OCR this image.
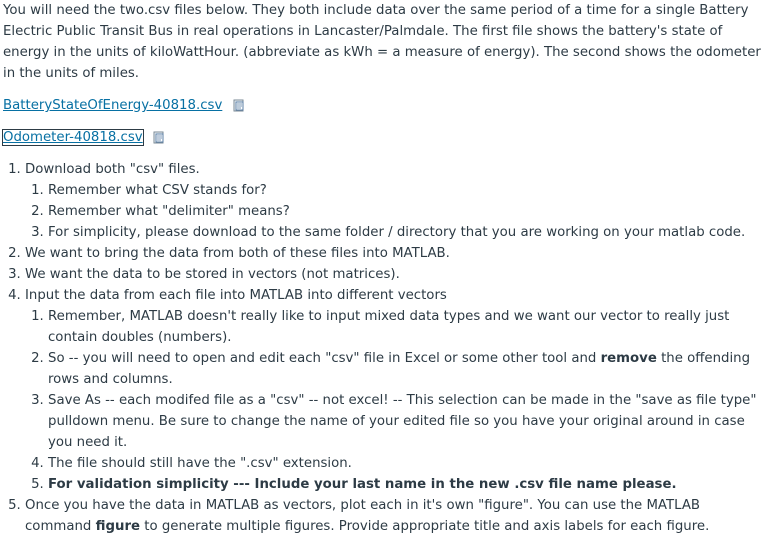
You will need the two.csv files below. They both include data over the same period of a time for a single Battery Electric Public Transit Bus in real operations in Lancaster/Palmdale. The first file shows the battery's state of energy in the units of kiloWattHour. (abbreviate as kWh = a measure of energy). The second shows the odometer in the units of miles.

BatteryStateOfEnergy-40818.csv
Odometer-40818.csv
1. Download both "csv" files.
1. Remember what CSV stands for?
2. Remember what "delimiter" means?
3. For simplicity, please download to the same folder / directory that you are working on your matlab code.
2. We want to bring the data from both of these files into MATLAB.
3. We want the data to be stored in vectors (not matrices).
4. Input the data from each file into MATLAB into different vectors
1. Remember, MATLAB doesn't really like to input mixed data types and we want our vector to really just contain doubles (numbers).
2. So -- you will need to open and edit each "csv" file in Excel or some other tool and remove the offending rows and columns.
3. Save As -- each modifed file as a "csv" -- not excel! -- This selection can be made in the "save as file type" pulldown menu. Be sure to change the name of your edited file so you have your original around in case you need it.
4. The file should still have the ".csv" extension.
5. For validation simplicity --- Include your last name in the new .csv file name please.
5. Once you have the data in MATLAB as vectors, plot each in it's own "figure". You can use the MATLAB command figure to generate multiple figures. Provide appropriate title and axis labels for each figure.
